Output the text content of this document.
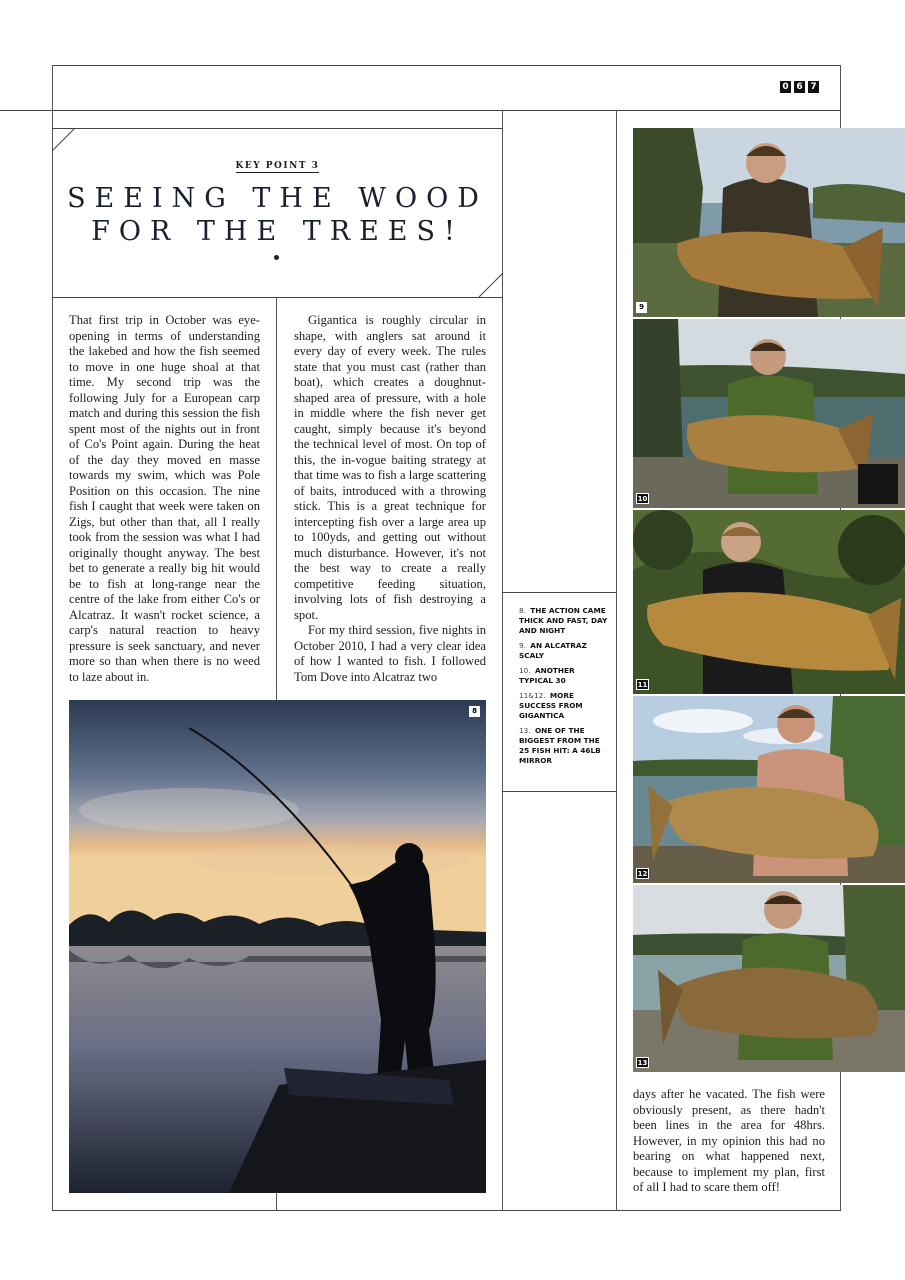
0 6 7
KEY POINT 3
SEEING THE WOOD
FOR THE TREES!

That first trip in October was eye-opening in terms of understanding the lakebed and how the fish seemed to move in one huge shoal at that time. My second trip was the following July for a European carp match and during this session the fish spent most of the nights out in front of Co's Point again. During the heat of the day they moved en masse towards my swim, which was Pole Position on this occasion. The nine fish I caught that week were taken on Zigs, but other than that, all I really took from the session was what I had originally thought anyway. The best bet to generate a really big hit would be to fish at long-range near the centre of the lake from either Co's or Alcatraz. It wasn't rocket science, a carp's natural reaction to heavy pressure is seek sanctuary, and never more so than when there is no weed to laze about in.

Gigantica is roughly circular in shape, with anglers sat around it every day of every week. The rules state that you must cast (rather than boat), which creates a doughnut-shaped area of pressure, with a hole in middle where the fish never get caught, simply because it's beyond the technical level of most. On top of this, the in-vogue baiting strategy at that time was to fish a large scattering of baits, introduced with a throwing stick. This is a great technique for intercepting fish over a large area up to 100yds, and getting out without much disturbance. However, it's not the best way to create a really competitive feeding situation, involving lots of fish destroying a spot.

For my third session, five nights in October 2010, I had a very clear idea of how I wanted to fish. I followed Tom Dove into Alcatraz two

days after he vacated. The fish were obviously present, as there hadn't been lines in the area for 48hrs. However, in my opinion this had no bearing on what happened next, because to implement my plan, first of all I had to scare them off!

8. THE ACTION CAME THICK AND FAST, DAY AND NIGHT
9. AN ALCATRAZ SCALY
10. ANOTHER TYPICAL 30
11&12. MORE SUCCESS FROM GIGANTICA
13. ONE OF THE BIGGEST FROM THE 25 FISH HIT: A 46LB MIRROR
8
9
10
11
12
13
